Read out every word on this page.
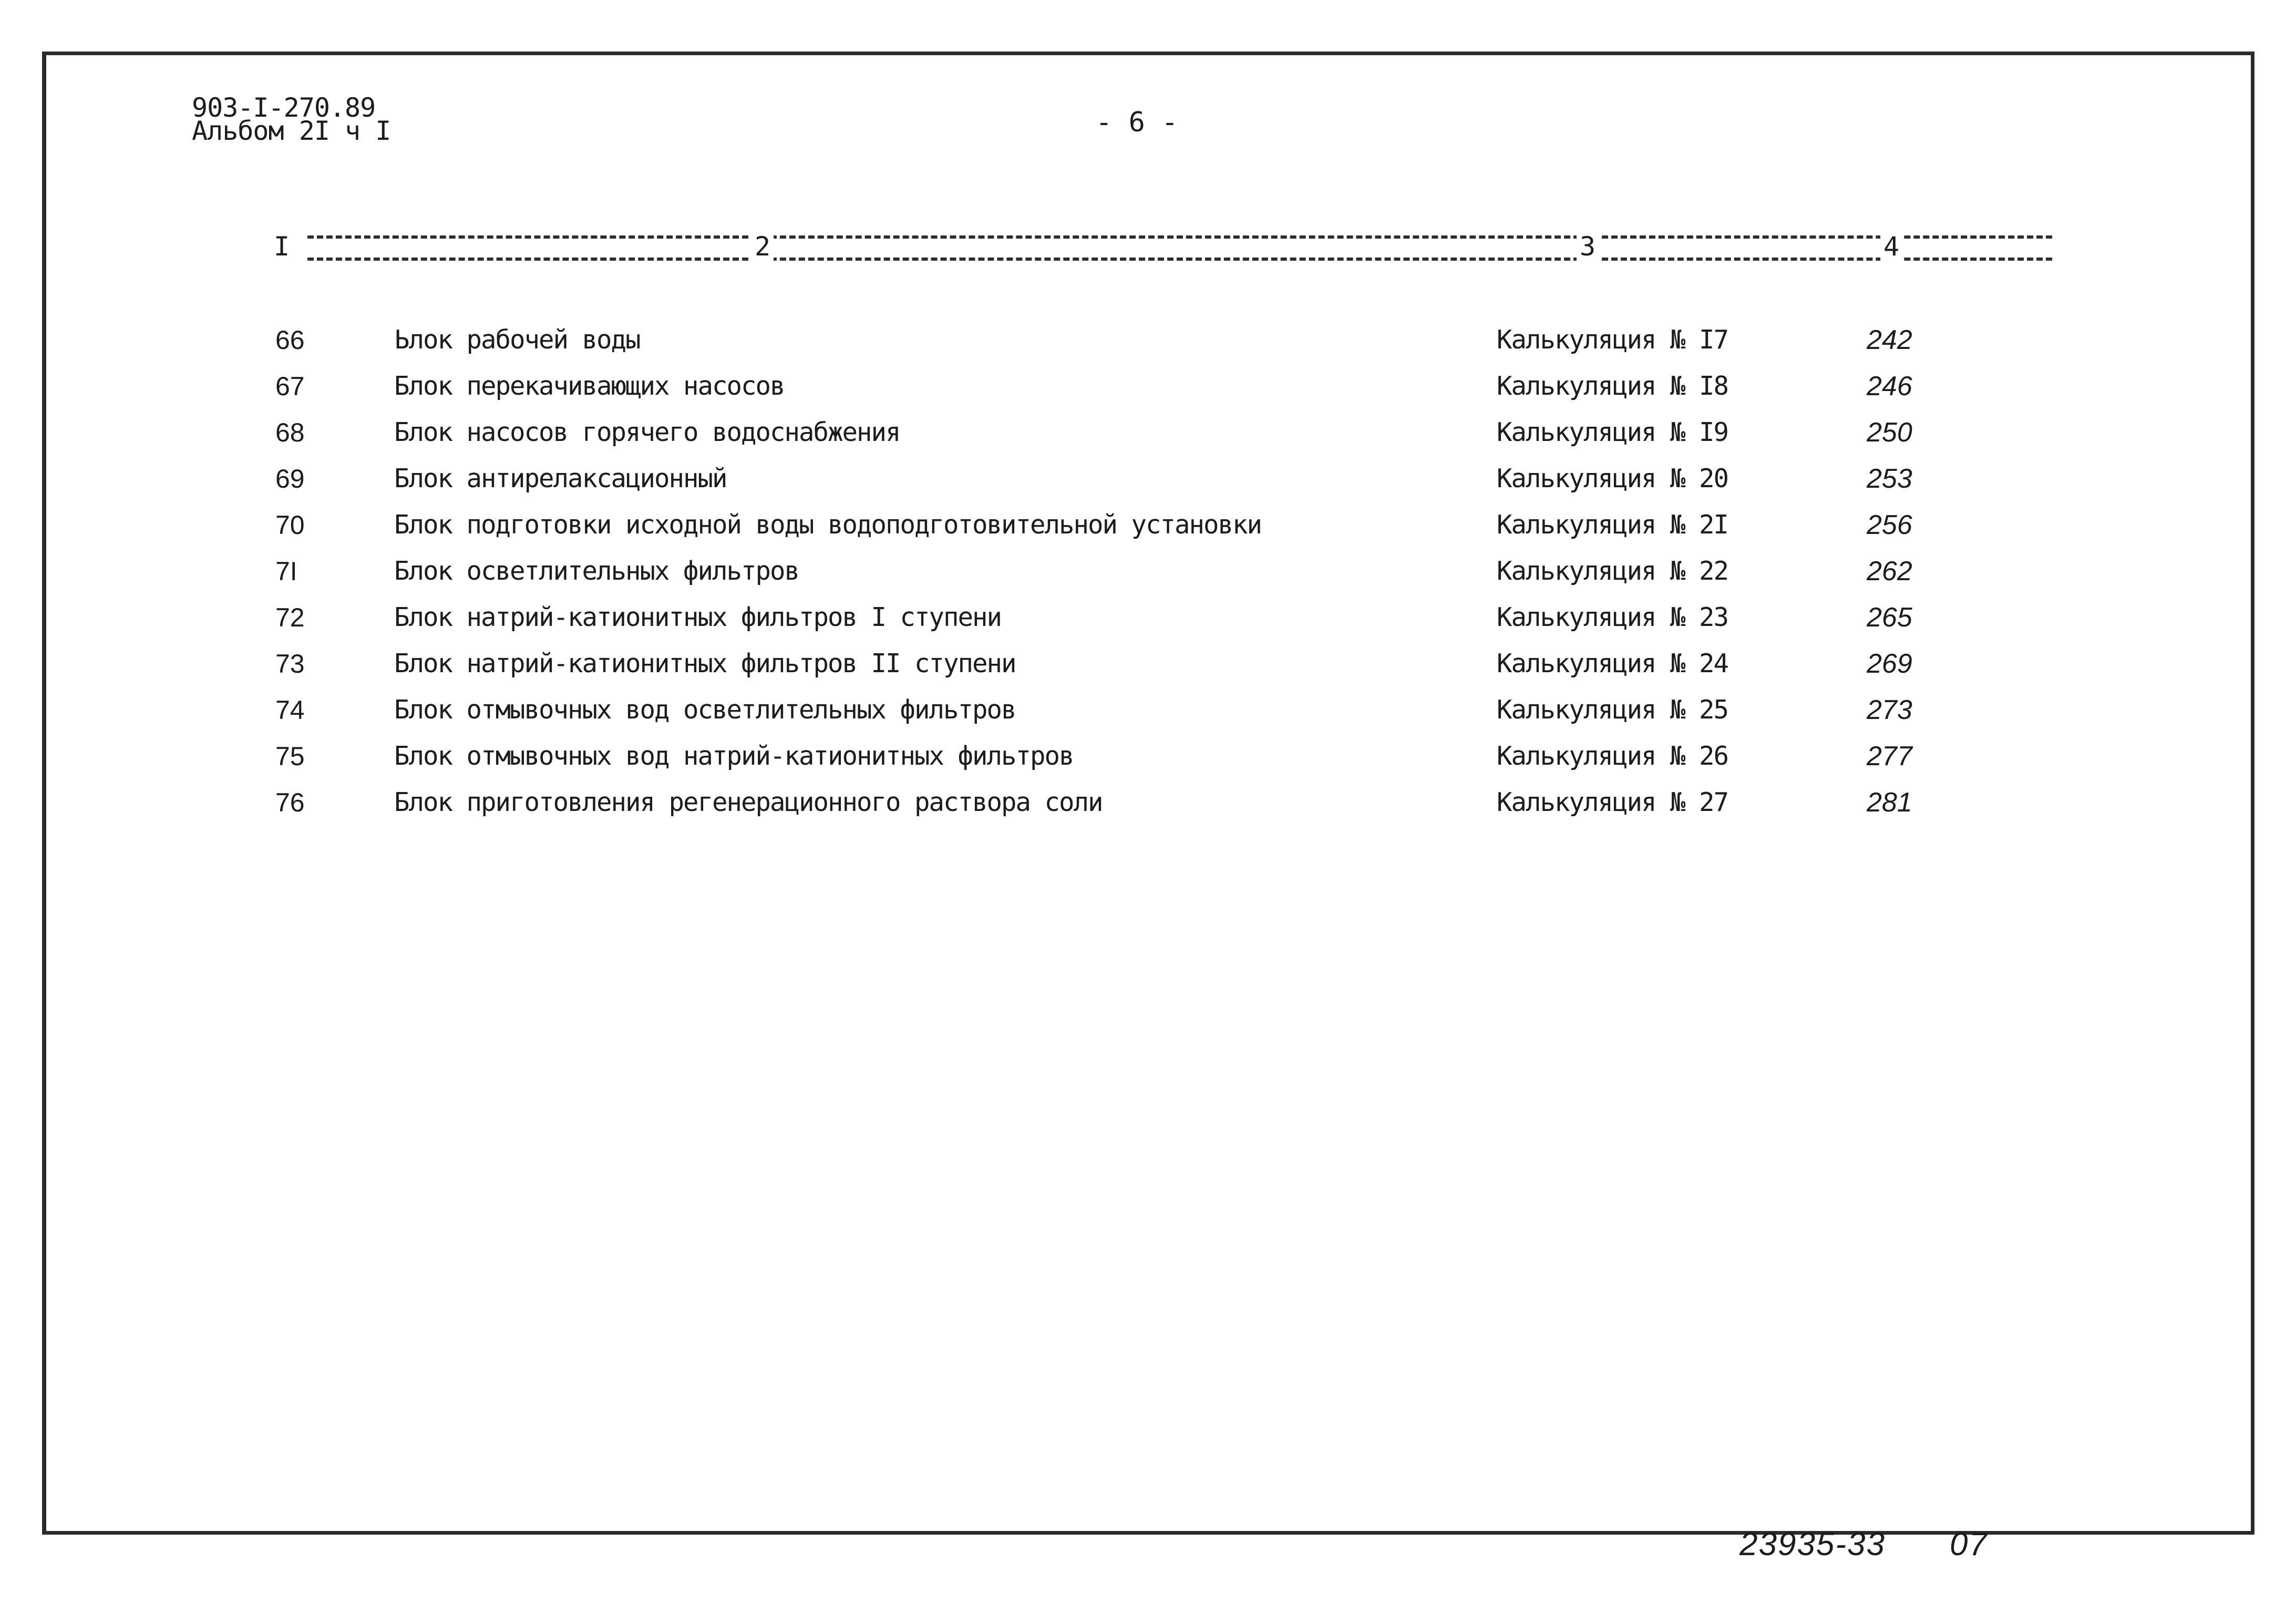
903-I-270.89
Альбом 2I ч I	- 6 -
I	2	3	4
66	Ьлок рабочей воды	Калькуляция № I7	242
67	Блок перекачивающих насосов	Калькуляция № I8	246
68	Блок насосов горячего водоснабжения	Калькуляция № I9	250
69	Блок антирелаксационный	Калькуляция № 20	253
70	Блок подготовки исходной воды водоподготовительной установки	Калькуляция № 2I	256
7I	Блок осветлительных фильтров	Калькуляция № 22	262
72	Блок натрий-катионитных фильтров I ступени	Калькуляция № 23	265
73	Блок натрий-катионитных фильтров II ступени	Калькуляция № 24	269
74	Блок отмывочных вод осветлительных фильтров	Калькуляция № 25	273
75	Блок отмывочных вод натрий-катионитных фильтров	Калькуляция № 26	277
76	Блок приготовления регенерационного раствора соли	Калькуляция № 27	281
23935-33 07
